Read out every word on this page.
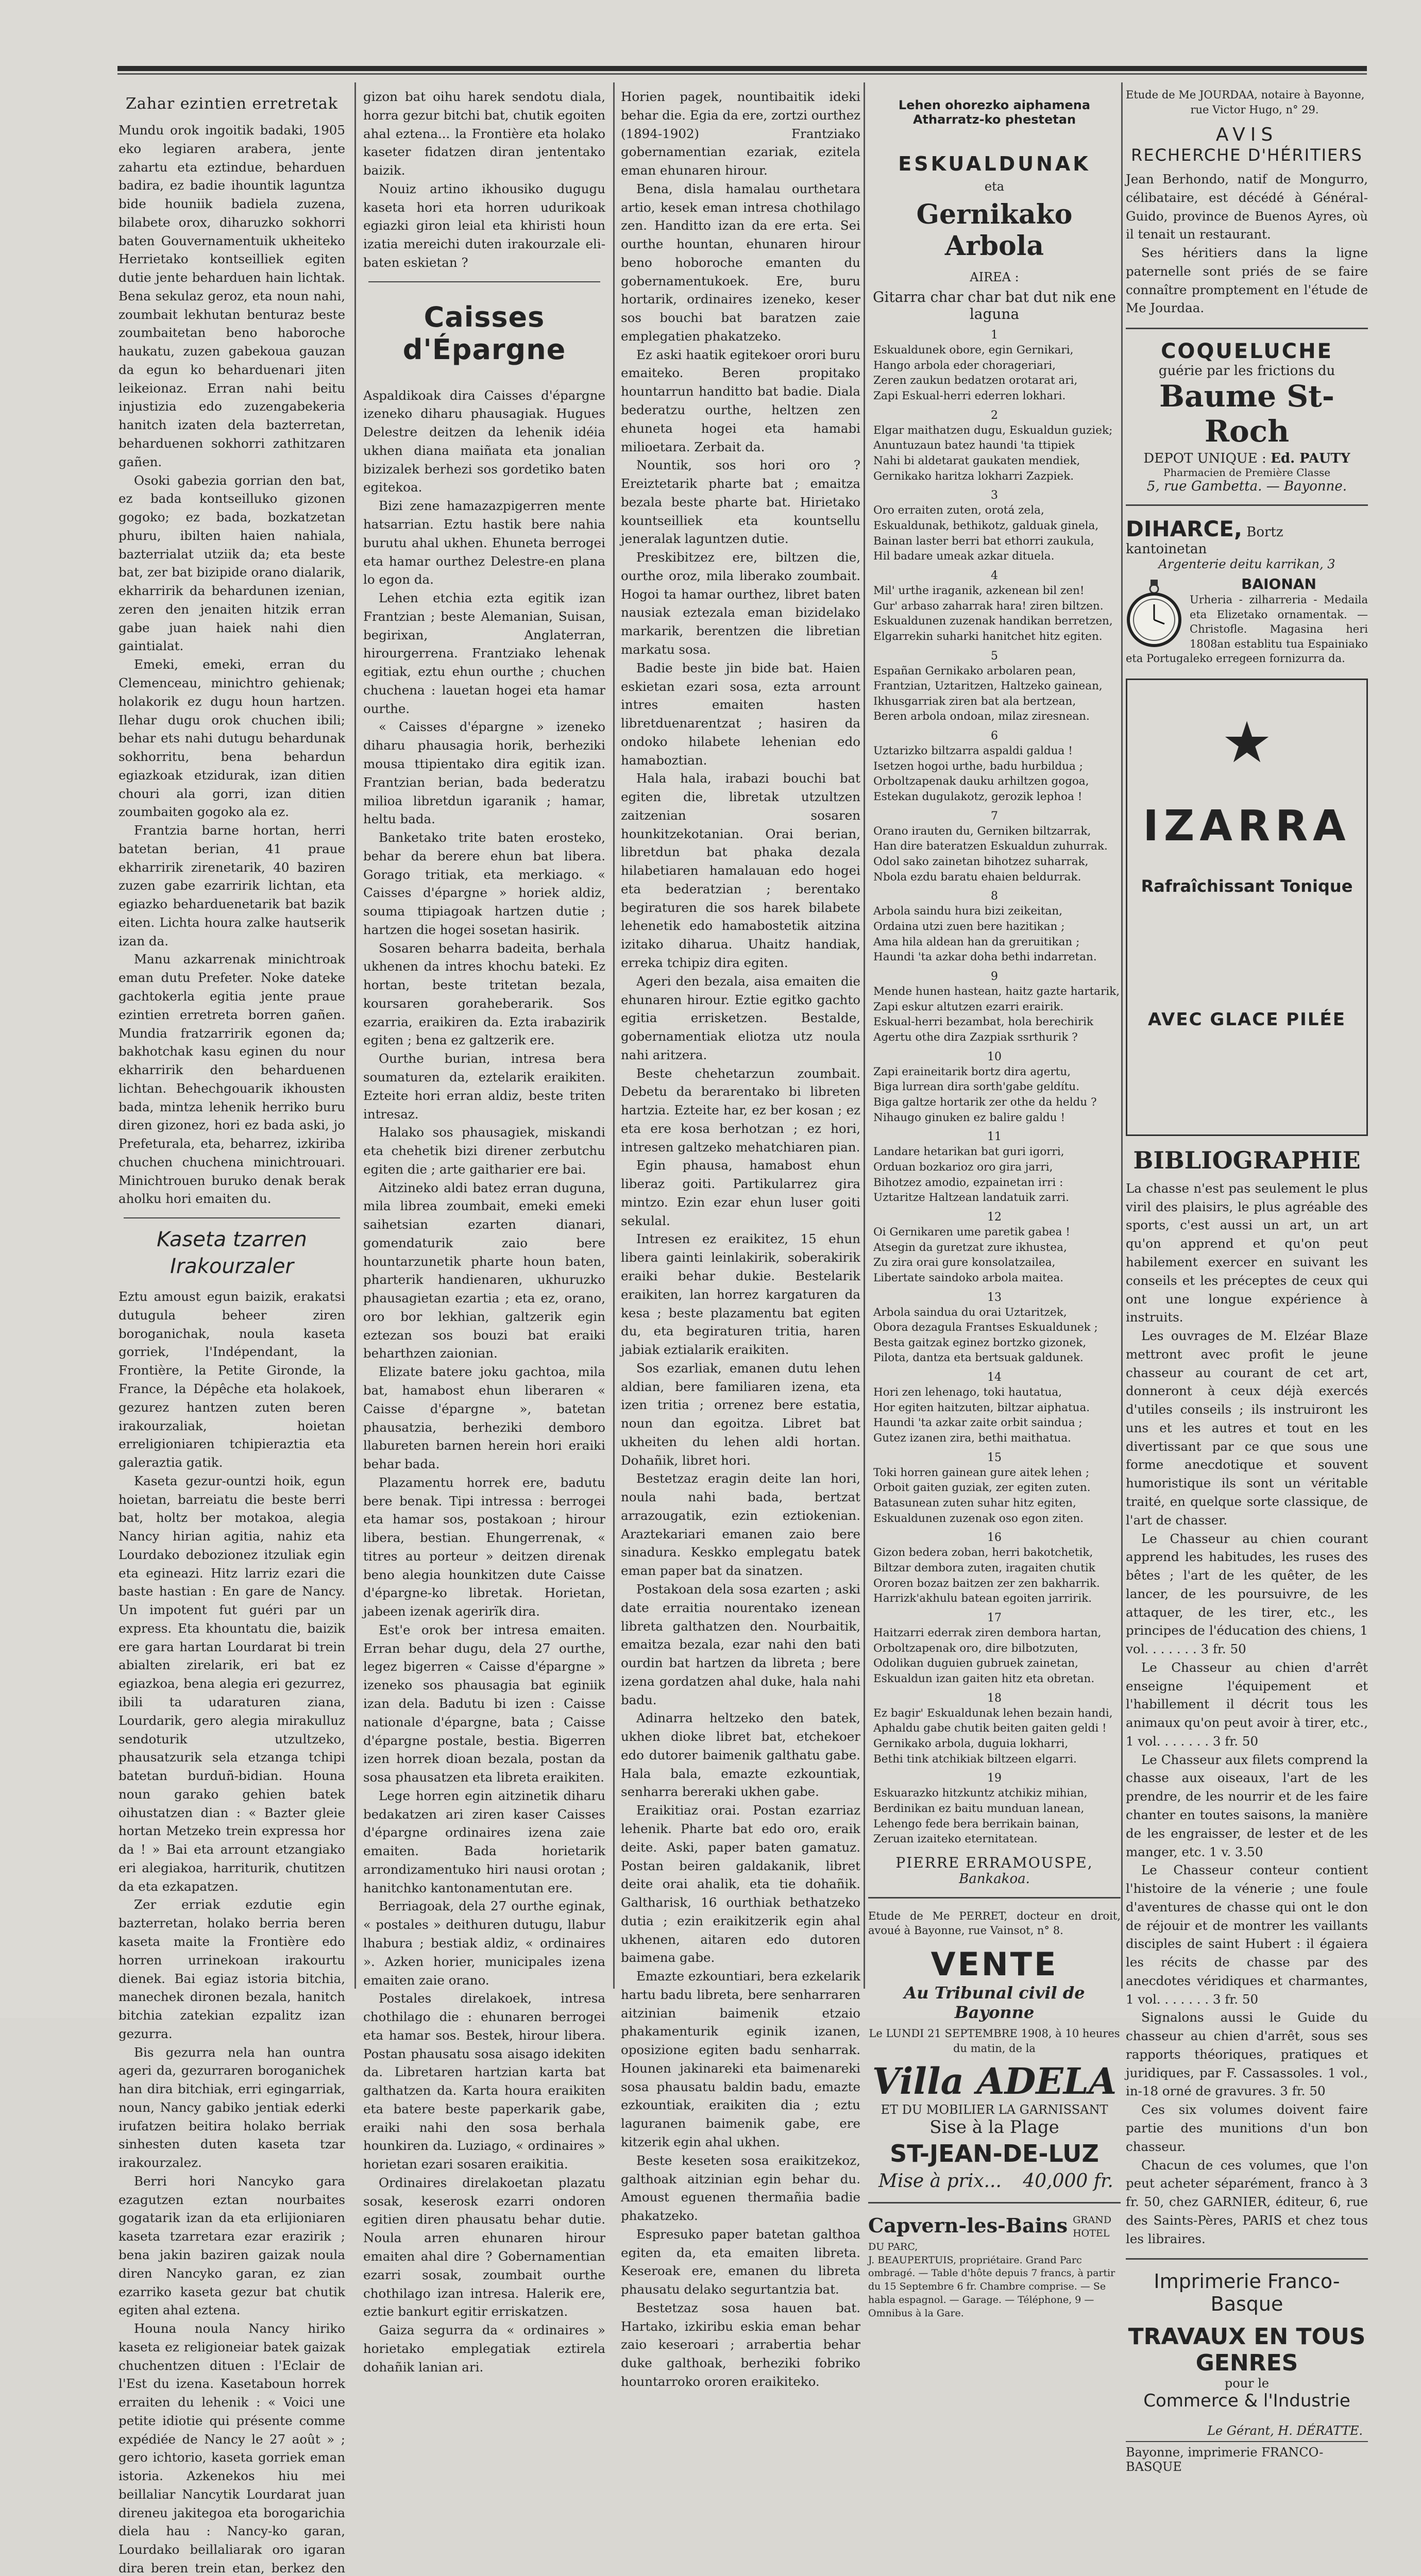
Zahar ezintien erretretak

Mundu orok ingoitik badaki, 1905 eko legiaren arabera, jente zahartu eta eztindue, beharduen badira, ez badie ihountik laguntza bide houniik badiela zuzena, bilabete orox, diharuzko sokhorri baten Gouvernamentuik ukheiteko Herrietako kontseilliek egiten dutie jente beharduen hain lichtak. Bena sekulaz geroz, eta noun nahi, zoumbait lekhutan benturaz beste zoumbaitetan beno haboroche haukatu, zuzen gabekoua gauzan da egun ko beharduenari jiten leikeionaz. Erran nahi beitu injustizia edo zuzengabekeria hanitch izaten dela bazterretan, beharduenen sokhorri zathitzaren gañen.

Osoki gabezia gorrian den bat, ez bada kontseilluko gizonen gogoko; ez bada, bozkatzetan phuru, ibilten haien nahiala, bazterrialat utziik da; eta beste bat, zer bat bizipide orano dialarik, ekharririk da behardunen izenian, zeren den jenaiten hitzik erran gabe juan haiek nahi dien gaintialat.

Emeki, emeki, erran du Clemenceau, minichtro gehienak; holakorik ez dugu houn hartzen. Ilehar dugu orok chuchen ibili; behar ets nahi dutugu behardunak sokhorritu, bena behardun egiazkoak etzidurak, izan ditien chouri ala gorri, izan ditien zoumbaiten gogoko ala ez.

Frantzia barne hortan, herri batetan berian, 41 praue ekharririk zirenetarik, 40 baziren zuzen gabe ezarririk lichtan, eta egiazko beharduenetarik bat bazik eiten. Lichta houra zalke hautserik izan da.

Manu azkarrenak minichtroak eman dutu Prefeter. Noke dateke gachtokerla egitia jente praue ezintien erretreta borren gañen. Mundia fratzarririk egonen da; bakhotchak kasu eginen du nour ekharririk den beharduenen lichtan. Behechgouarik ikhousten bada, mintza lehenik herriko buru diren gizonez, hori ez bada aski, jo Prefeturala, eta, beharrez, izkiriba chuchen chuchena minichtrouari. Minichtrouen buruko denak berak aholku hori emaiten du.

Kaseta tzarren
Irakourzaler

Eztu amoust egun baizik, erakatsi dutugula beheer ziren boroganichak, noula kaseta gorriek, l'Indépendant, la Frontière, la Petite Gironde, la France, la Dépêche eta holakoek, gezurez hantzen zuten beren irakourzaliak, hoietan erreligioniaren tchipieraztia eta galeraztia gatik.

Kaseta gezur-ountzi hoik, egun hoietan, barreiatu die beste berri bat, holtz ber motakoa, alegia Nancy hirian agitia, nahiz eta Lourdako debozionez itzuliak egin eta egineazi. Hitz larriz ezari die baste hastian : En gare de Nancy. Un impotent fut guéri par un express. Eta khountatu die, baizik ere gara hartan Lourdarat bi trein abialten zirelarik, eri bat ez egiazkoa, bena alegia eri gezurrez, ibili ta udaraturen ziana, Lourdarik, gero alegia mirakulluz sendoturik utzultzeko, phausatzurik sela etzanga tchipi batetan burduñ-bidian. Houna noun garako gehien batek oihustatzen dian : « Bazter gleie hortan Metzeko trein expressa hor da ! » Bai eta arrount etzangiako eri alegiakoa, harriturik, chutitzen da eta ezkapatzen.

Zer erriak ezdutie egin bazterretan, holako berria beren kaseta maite la Frontière edo horren urrinekoan irakourtu dienek. Bai egiaz istoria bitchia, manechek dironen bezala, hanitch bitchia zatekian ezpalitz izan gezurra.

Bis gezurra nela han ountra ageri da, gezurraren boroganichek han dira bitchiak, erri egingarriak, noun, Nancy gabiko jentiak ederki irufatzen beitira holako berriak sinhesten duten kaseta tzar irakourzalez.

Berri hori Nancyko gara ezagutzen eztan nourbaites gogatarik izan da eta erlijioniaren kaseta tzarretara ezar erazirik ; bena jakin baziren gaizak noula diren Nancyko garan, ez zian ezarriko kaseta gezur bat chutik egiten ahal eztena.

Houna noula Nancy hiriko kaseta ez religioneiar batek gaizak chuchentzen dituen : l'Eclair de l'Est du izena. Kasetaboun horrek erraiten du lehenik : « Voici une petite idiotie qui présente comme expédiée de Nancy le 27 août » ; gero ichtorio, kaseta gorriek eman istoria. Azkenekos hiu mei beillaliar Nancytik Lourdarat juan direneu jakitegoa eta borogarichia diela hau : Nancy-ko garan, Lourdako beillaliarak oro igaran dira beren trein etan, berkez den

gizon bat oihu harek sendotu diala, horra gezur bitchi bat, chutik egoiten ahal eztena... la Frontière eta holako kaseter fidatzen diran jententako baizik.

Nouiz artino ikhousiko dugugu kaseta hori eta horren udurikoak egiazki giron leial eta khiristi houn izatia mereichi duten irakourzale eli-baten eskietan ?

Caisses d'Épargne

Aspaldikoak dira Caisses d'épargne izeneko diharu phausagiak. Hugues Delestre deitzen da lehenik idéia ukhen diana maiñata eta jonalian bizizalek berhezi sos gordetiko baten egitekoa.

Bizi zene hamazazpigerren mente hatsarrian. Eztu hastik bere nahia burutu ahal ukhen. Ehuneta berrogei eta hamar ourthez Delestre-en plana lo egon da.

Lehen etchia ezta egitik izan Frantzian ; beste Alemanian, Suisan, begirixan, Anglaterran, hirourgerrena. Frantziako lehenak egitiak, eztu ehun ourthe ; chuchen chuchena : lauetan hogei eta hamar ourthe.

« Caisses d'épargne » izeneko diharu phausagia horik, berheziki mousa ttipientako dira egitik izan. Frantzian berian, bada bederatzu milioa libretdun igaranik ; hamar, heltu bada.

Banketako trite baten erosteko, behar da berere ehun bat libera. Gorago tritiak, eta merkiago. « Caisses d'épargne » horiek aldiz, souma ttipiagoak hartzen dutie ; hartzen die hogei sosetan hasirik.

Sosaren beharra badeita, berhala ukhenen da intres khochu bateki. Ez hortan, beste tritetan bezala, koursaren goraheberarik. Sos ezarria, eraikiren da. Ezta irabazirik egiten ; bena ez galtzerik ere.

Ourthe burian, intresa bera soumaturen da, eztelarik eraikiten. Ezteite hori erran aldiz, beste triten intresaz.

Halako sos phausagiek, miskandi eta chehetik bizi direner zerbutchu egiten die ; arte gaitharier ere bai.

Aitzineko aldi batez erran duguna, mila librea zoumbait, emeki emeki saihetsian ezarten dianari, gomendaturik zaio bere hountarzunetik pharte houn baten, pharterik handienaren, ukhuruzko phausagietan ezartia ; eta ez, orano, oro bor lekhian, galtzerik egin eztezan sos bouzi bat eraiki beharthzen zaionian.

Elizate batere joku gachtoa, mila bat, hamabost ehun liberaren « Caisse d'épargne », batetan phausatzia, berheziki demboro llabureten barnen herein hori eraiki behar bada.

Plazamentu horrek ere, badutu bere benak. Tipi intressa : berrogei eta hamar sos, postakoan ; hirour libera, bestian. Ehungerrenak, « titres au porteur » deitzen direnak beno alegia hounkitzen dute Caisse d'épargne-ko libretak. Horietan, jabeen izenak agerirïk dira.

Est'e orok ber intresa emaiten. Erran behar dugu, dela 27 ourthe, legez bigerren « Caisse d'épargne » izeneko sos phausagia bat eginiik izan dela. Badutu bi izen : Caisse nationale d'épargne, bata ; Caisse d'épargne postale, bestia. Bigerren izen horrek dioan bezala, postan da sosa phausatzen eta libreta eraikiten.

Lege horren egin aitzinetik diharu bedakatzen ari ziren kaser Caisses d'épargne ordinaires izena zaie emaiten. Bada horietarik arrondizamentuko hiri nausi orotan ; hanitchko kantonamentutan ere.

Berriagoak, dela 27 ourthe eginak, « postales » deithuren dutugu, llabur lhabura ; bestiak aldiz, « ordinaires ». Azken horier, municipales izena emaiten zaie orano.

Postales direlakoek, intresa chothilago die : ehunaren berrogei eta hamar sos. Bestek, hirour libera. Postan phausatu sosa aisago idekiten da. Libretaren hartzian karta bat galthatzen da. Karta houra eraikiten eta batere beste paperkarik gabe, eraiki nahi den sosa berhala hounkiren da. Luziago, « ordinaires » horietan ezari sosaren eraikitia.

Ordinaires direlakoetan plazatu sosak, keserosk ezarri ondoren egitien diren phausatu behar dutie. Noula arren ehunaren hirour emaiten ahal dire ? Gobernamentian ezarri sosak, zoumbait ourthe chothilago izan intresa. Halerik ere, eztie bankurt egitir erriskatzen.

Gaiza segurra da « ordinaires » horietako emplegatiak eztirela dohañik lanian ari.

Horien pagek, nountibaitik ideki behar die. Egia da ere, zortzi ourthez (1894-1902) Frantziako gobernamentian ezariak, ezitela eman ehunaren hirour.

Bena, disla hamalau ourthetara artio, kesek eman intresa chothilago zen. Handitto izan da ere erta. Sei ourthe hountan, ehunaren hirour beno hoboroche emanten du gobernamentukoek. Ere, buru hortarik, ordinaires izeneko, keser sos bouchi bat baratzen zaie emplegatien phakatzeko.

Ez aski haatik egitekoer orori buru emaiteko. Beren propitako hountarrun handitto bat badie. Diala bederatzu ourthe, heltzen zen ehuneta hogei eta hamabi milioetara. Zerbait da.

Nountik, sos hori oro ? Ereiztetarik pharte bat ; emaitza bezala beste pharte bat. Hirietako kountseilliek eta kountsellu jeneralak laguntzen dutie.

Preskibitzez ere, biltzen die, ourthe oroz, mila liberako zoumbait. Hogoi ta hamar ourthez, libret baten nausiak eztezala eman bizidelako markarik, berentzen die libretian markatu sosa.

Badie beste jin bide bat. Haien eskietan ezari sosa, ezta arrount intres emaiten hasten libretduenarentzat ; hasiren da ondoko hilabete lehenian edo hamaboztian.

Hala hala, irabazi bouchi bat egiten die, libretak utzultzen zaitzenian sosaren hounkitzekotanian. Orai berian, libretdun bat phaka dezala hilabetiaren hamalauan edo hogei eta bederatzian ; berentako begiraturen die sos harek bilabete lehenetik edo hamabostetik aitzina izitako diharua. Uhaitz handiak, erreka tchipiz dira egiten.

Ageri den bezala, aisa emaiten die ehunaren hirour. Eztie egitko gachto egitia errisketzen. Bestalde, gobernamentiak eliotza utz noula nahi aritzera.

Beste chehetarzun zoumbait. Debetu da berarentako bi libreten hartzia. Ezteite har, ez ber kosan ; ez eta ere kosa berhotzan ; ez hori, intresen galtzeko mehatchiaren pian.

Egin phausa, hamabost ehun liberaz goiti. Partikularrez gira mintzo. Ezin ezar ehun luser goiti sekulal.

Intresen ez eraikitez, 15 ehun libera gainti leinlakirik, soberakirik eraiki behar dukie. Bestelarik eraikiten, lan horrez kargaturen da kesa ; beste plazamentu bat egiten du, eta begiraturen tritia, haren jabiak eztialarik eraikiten.

Sos ezarliak, emanen dutu lehen aldian, bere familiaren izena, eta izen tritia ; orrenez bere estatia, noun dan egoitza. Libret bat ukheiten du lehen aldi hortan. Dohañik, libret hori.

Bestetzaz eragin deite lan hori, noula nahi bada, bertzat arrazougatik, ezin eztiokenian. Araztekariari emanen zaio bere sinadura. Keskko emplegatu batek eman paper bat da sinatzen.

Postakoan dela sosa ezarten ; aski date erraitia nourentako izenean libreta galthatzen den. Nourbaitik, emaitza bezala, ezar nahi den bati ourdin bat hartzen da libreta ; bere izena gordatzen ahal duke, hala nahi badu.

Adinarra heltzeko den batek, ukhen dioke libret bat, etchekoer edo dutorer baimenik galthatu gabe. Hala bala, emazte ezkountiak, senharra bereraki ukhen gabe.

Eraikitiaz orai. Postan ezarriaz lehenik. Pharte bat edo oro, eraik deite. Aski, paper baten gamatuz. Postan beiren galdakanik, libret deite orai ahalik, eta tie dohañik. Galtharisk, 16 ourthiak bethatzeko dutia ; ezin eraikitzerik egin ahal ukhenen, aitaren edo dutoren baimena gabe.

Emazte ezkountiari, bera ezkelarik hartu badu libreta, bere senharraren aitzinian baimenik etzaio phakamenturik eginik izanen, oposizione egiten badu senharrak. Hounen jakinareki eta baimenareki sosa phausatu baldin badu, emazte ezkountiak, eraikiten dia ; eztu laguranen baimenik gabe, ere kitzerik egin ahal ukhen.

Beste keseten sosa eraikitzekoz, galthoak aitzinian egin behar du. Amoust eguenen thermañia badie phakatzeko.

Espresuko paper batetan galthoa egiten da, eta emaiten libreta. Keseroak ere, emanen du libreta phausatu delako segurtantzia bat.

Bestetzaz sosa hauen bat. Hartako, izkiribu eskia eman behar zaio keseroari ; arrabertia behar duke galthoak, berheziki fobriko hountarroko ororen eraikiteko.

Lehen ohorezko aiphamena
Atharratz-ko phestetan
ESKUALDUNAK
eta
Gernikako Arbola
AIREA :
Gitarra char char bat dut nik ene laguna
1
Eskualdunek obore, egin Gernikari,
Hango arbola eder chorageriari,
Zeren zaukun bedatzen orotarat ari,
Zapi Eskual-herri ederren lokhari.
2
Elgar maithatzen dugu, Eskualdun guziek;
Anuntuzaun batez haundi 'ta ttipiek
Nahi bi aldetarat gaukaten mendiek,
Gernikako haritza lokharri Zazpiek.
3
Oro erraiten zuten, orotá zela,
Eskualdunak, bethikotz, galduak ginela,
Bainan laster berri bat ethorri zaukula,
Hil badare umeak azkar dituela.
4
Mil' urthe iraganik, azkenean bil zen!
Gur' arbaso zaharrak hara! ziren biltzen.
Eskualdunen zuzenak handikan berretzen,
Elgarrekin suharki hanitchet hitz egiten.
5
Españan Gernikako arbolaren pean,
Frantzian, Uztaritzen, Haltzeko gainean,
Ikhusgarriak ziren bat ala bertzean,
Beren arbola ondoan, milaz ziresnean.
6
Uztarizko biltzarra aspaldi galdua !
Isetzen hogoi urthe, badu hurbildua ;
Orboltzapenak dauku arhiltzen gogoa,
Estekan dugulakotz, gerozik lephoa !
7
Orano irauten du, Gerniken biltzarrak,
Han dire bateratzen Eskualdun zuhurrak.
Odol sako zainetan bihotzez suharrak,
Nbola ezdu baratu ehaien beldurrak.
8
Arbola saindu hura bizi zeikeitan,
Ordaina utzi zuen bere hazitikan ;
Ama hila aldean han da greruitikan ;
Haundi 'ta azkar doha bethi indarretan.
9
Mende hunen hastean, haitz gazte hartarik,
Zapi eskur altutzen ezarri erairik.
Eskual-herri bezambat, hola berechirik
Agertu othe dira Zazpiak ssrthurik ?
10
Zapi eraineitarik bortz dira agertu,
Biga lurrean dira sorth'gabe geldítu.
Biga galtze hortarik zer othe da heldu ?
Nihaugo ginuken ez balire galdu !
11
Landare hetarikan bat guri igorri,
Orduan bozkarioz oro gira jarri,
Bihotzez amodio, ezpainetan irri :
Uztaritze Haltzean landatuik zarri.
12
Oi Gernikaren ume paretik gabea !
Atsegin da guretzat zure ikhustea,
Zu zira orai gure konsolatzailea,
Libertate saindoko arbola maitea.
13
Arbola saindua du orai Uztaritzek,
Obora dezagula Frantses Eskualdunek ;
Besta gaitzak eginez bortzko gizonek,
Pilota, dantza eta bertsuak galdunek.
14
Hori zen lehenago, toki hautatua,
Hor egiten haitzuten, biltzar aiphatua.
Haundi 'ta azkar zaite orbit saindua ;
Gutez izanen zira, bethi maithatua.
15
Toki horren gainean gure aitek lehen ;
Orboit gaiten guziak, zer egiten zuten.
Batasunean zuten suhar hitz egiten,
Eskualdunen zuzenak oso egon ziten.
16
Gizon bedera zoban, herri bakotchetik,
Biltzar dembora zuten, iragaiten chutik
Ororen bozaz baitzen zer zen bakharrik.
Harrizk'akhulu batean egoiten jarririk.
17
Haitzarri ederrak ziren dembora hartan,
Orboltzapenak oro, dire bilbotzuten,
Odolikan duguien gubruek zainetan,
Eskualdun izan gaiten hitz eta obretan.
18
Ez bagir' Eskualdunak lehen bezain handi,
Aphaldu gabe chutik beiten gaiten geldi !
Gernikako arbola, duguia lokharri,
Bethi tink atchikiak biltzeen elgarri.
19
Eskuarazko hitzkuntz atchikiz mihian,
Berdinikan ez baitu munduan lanean,
Lehengo fede bera berrikain bainan,
Zeruan izaiteko eternitatean.
PIERRE ERRAMOUSPE,
Bankakoa.
Etude de Me PERRET, docteur en droit, avoué à Bayonne, rue Vainsot, n° 8.
VENTE
Au Tribunal civil de Bayonne
Le LUNDI 21 SEPTEMBRE 1908, à 10 heures du matin, de la
Villa ADELA
ET DU MOBILIER LA GARNISSANT
Sise à la Plage
ST-JEAN-DE-LUZ
Mise à prix... 40,000 fr.
Capvern-les-Bains GRAND HOTEL DU PARC,
J. BEAUPERTUIS, propriétaire. Grand Parc ombragé. — Table d'hôte depuis 7 francs, à partir du 15 Septembre 6 fr. Chambre comprise. — Se habla espagnol. — Garage. — Téléphone, 9 — Omnibus à la Gare.
Etude de Me JOURDAA, notaire à Bayonne,
rue Victor Hugo, n° 29.
AVIS
RECHERCHE D'HÉRITIERS
Jean Berhondo, natif de Mongurro, célibataire, est décédé à Général-Guido, province de Buenos Ayres, où il tenait un restaurant.
Ses héritiers dans la ligne paternelle sont priés de se faire connaître promptement en l'étude de Me Jourdaa.
COQUELUCHE
guérie par les frictions du
Baume St-Roch
DEPOT UNIQUE : Ed. PAUTY
Pharmacien de Première Classe
5, rue Gambetta. — Bayonne.
DIHARCE, Bortz kantoinetan
Argenterie deitu karrikan, 3
BAIONAN
Urheria - zilharreria - Medaila eta Elizetako ornamentak. — Christofle. Magasina heri 1808an establitu tua Espainiako eta Portugaleko erregeen fornizurra da.
★
IZARRA
Rafraîchissant Tonique
AVEC GLACE PILÉE
BIBLIOGRAPHIE

La chasse n'est pas seulement le plus viril des plaisirs, le plus agréable des sports, c'est aussi un art, un art qu'on apprend et qu'on peut habilement exercer en suivant les conseils et les préceptes de ceux qui ont une longue expérience à instruits.

Les ouvrages de M. Elzéar Blaze mettront avec profit le jeune chasseur au courant de cet art, donneront à ceux déjà exercés d'utiles conseils ; ils instruiront les uns et les autres et tout en les divertissant par ce que sous une forme anecdotique et souvent humoristique ils sont un véritable traité, en quelque sorte classique, de l'art de chasser.

Le Chasseur au chien courant apprend les habitudes, les ruses des bêtes ; l'art de les quêter, de les lancer, de les poursuivre, de les attaquer, de les tirer, etc., les principes de l'éducation des chiens, 1 vol. . . . . . . 3 fr. 50

Le Chasseur au chien d'arrêt enseigne l'équipement et l'habillement il décrit tous les animaux qu'on peut avoir à tirer, etc., 1 vol. . . . . . . 3 fr. 50

Le Chasseur aux filets comprend la chasse aux oiseaux, l'art de les prendre, de les nourrir et de les faire chanter en toutes saisons, la manière de les engraisser, de lester et de les manger, etc. 1 v. 3.50

Le Chasseur conteur contient l'histoire de la vénerie ; une foule d'aventures de chasse qui ont le don de réjouir et de montrer les vaillants disciples de saint Hubert : il égaiera les récits de chasse par des anecdotes véridiques et charmantes, 1 vol. . . . . . . 3 fr. 50

Signalons aussi le Guide du chasseur au chien d'arrêt, sous ses rapports théoriques, pratiques et juridiques, par F. Cassassoles. 1 vol., in-18 orné de gravures. 3 fr. 50

Ces six volumes doivent faire partie des munitions d'un bon chasseur.

Chacun de ces volumes, que l'on peut acheter séparément, franco à 3 fr. 50, chez GARNIER, éditeur, 6, rue des Saints-Pères, PARIS et chez tous les libraires.

Imprimerie Franco-Basque
TRAVAUX EN TOUS GENRES
pour le
Commerce & l'Industrie
Le Gérant, H. DÉRATTE.
Bayonne, imprimerie FRANCO-BASQUE
